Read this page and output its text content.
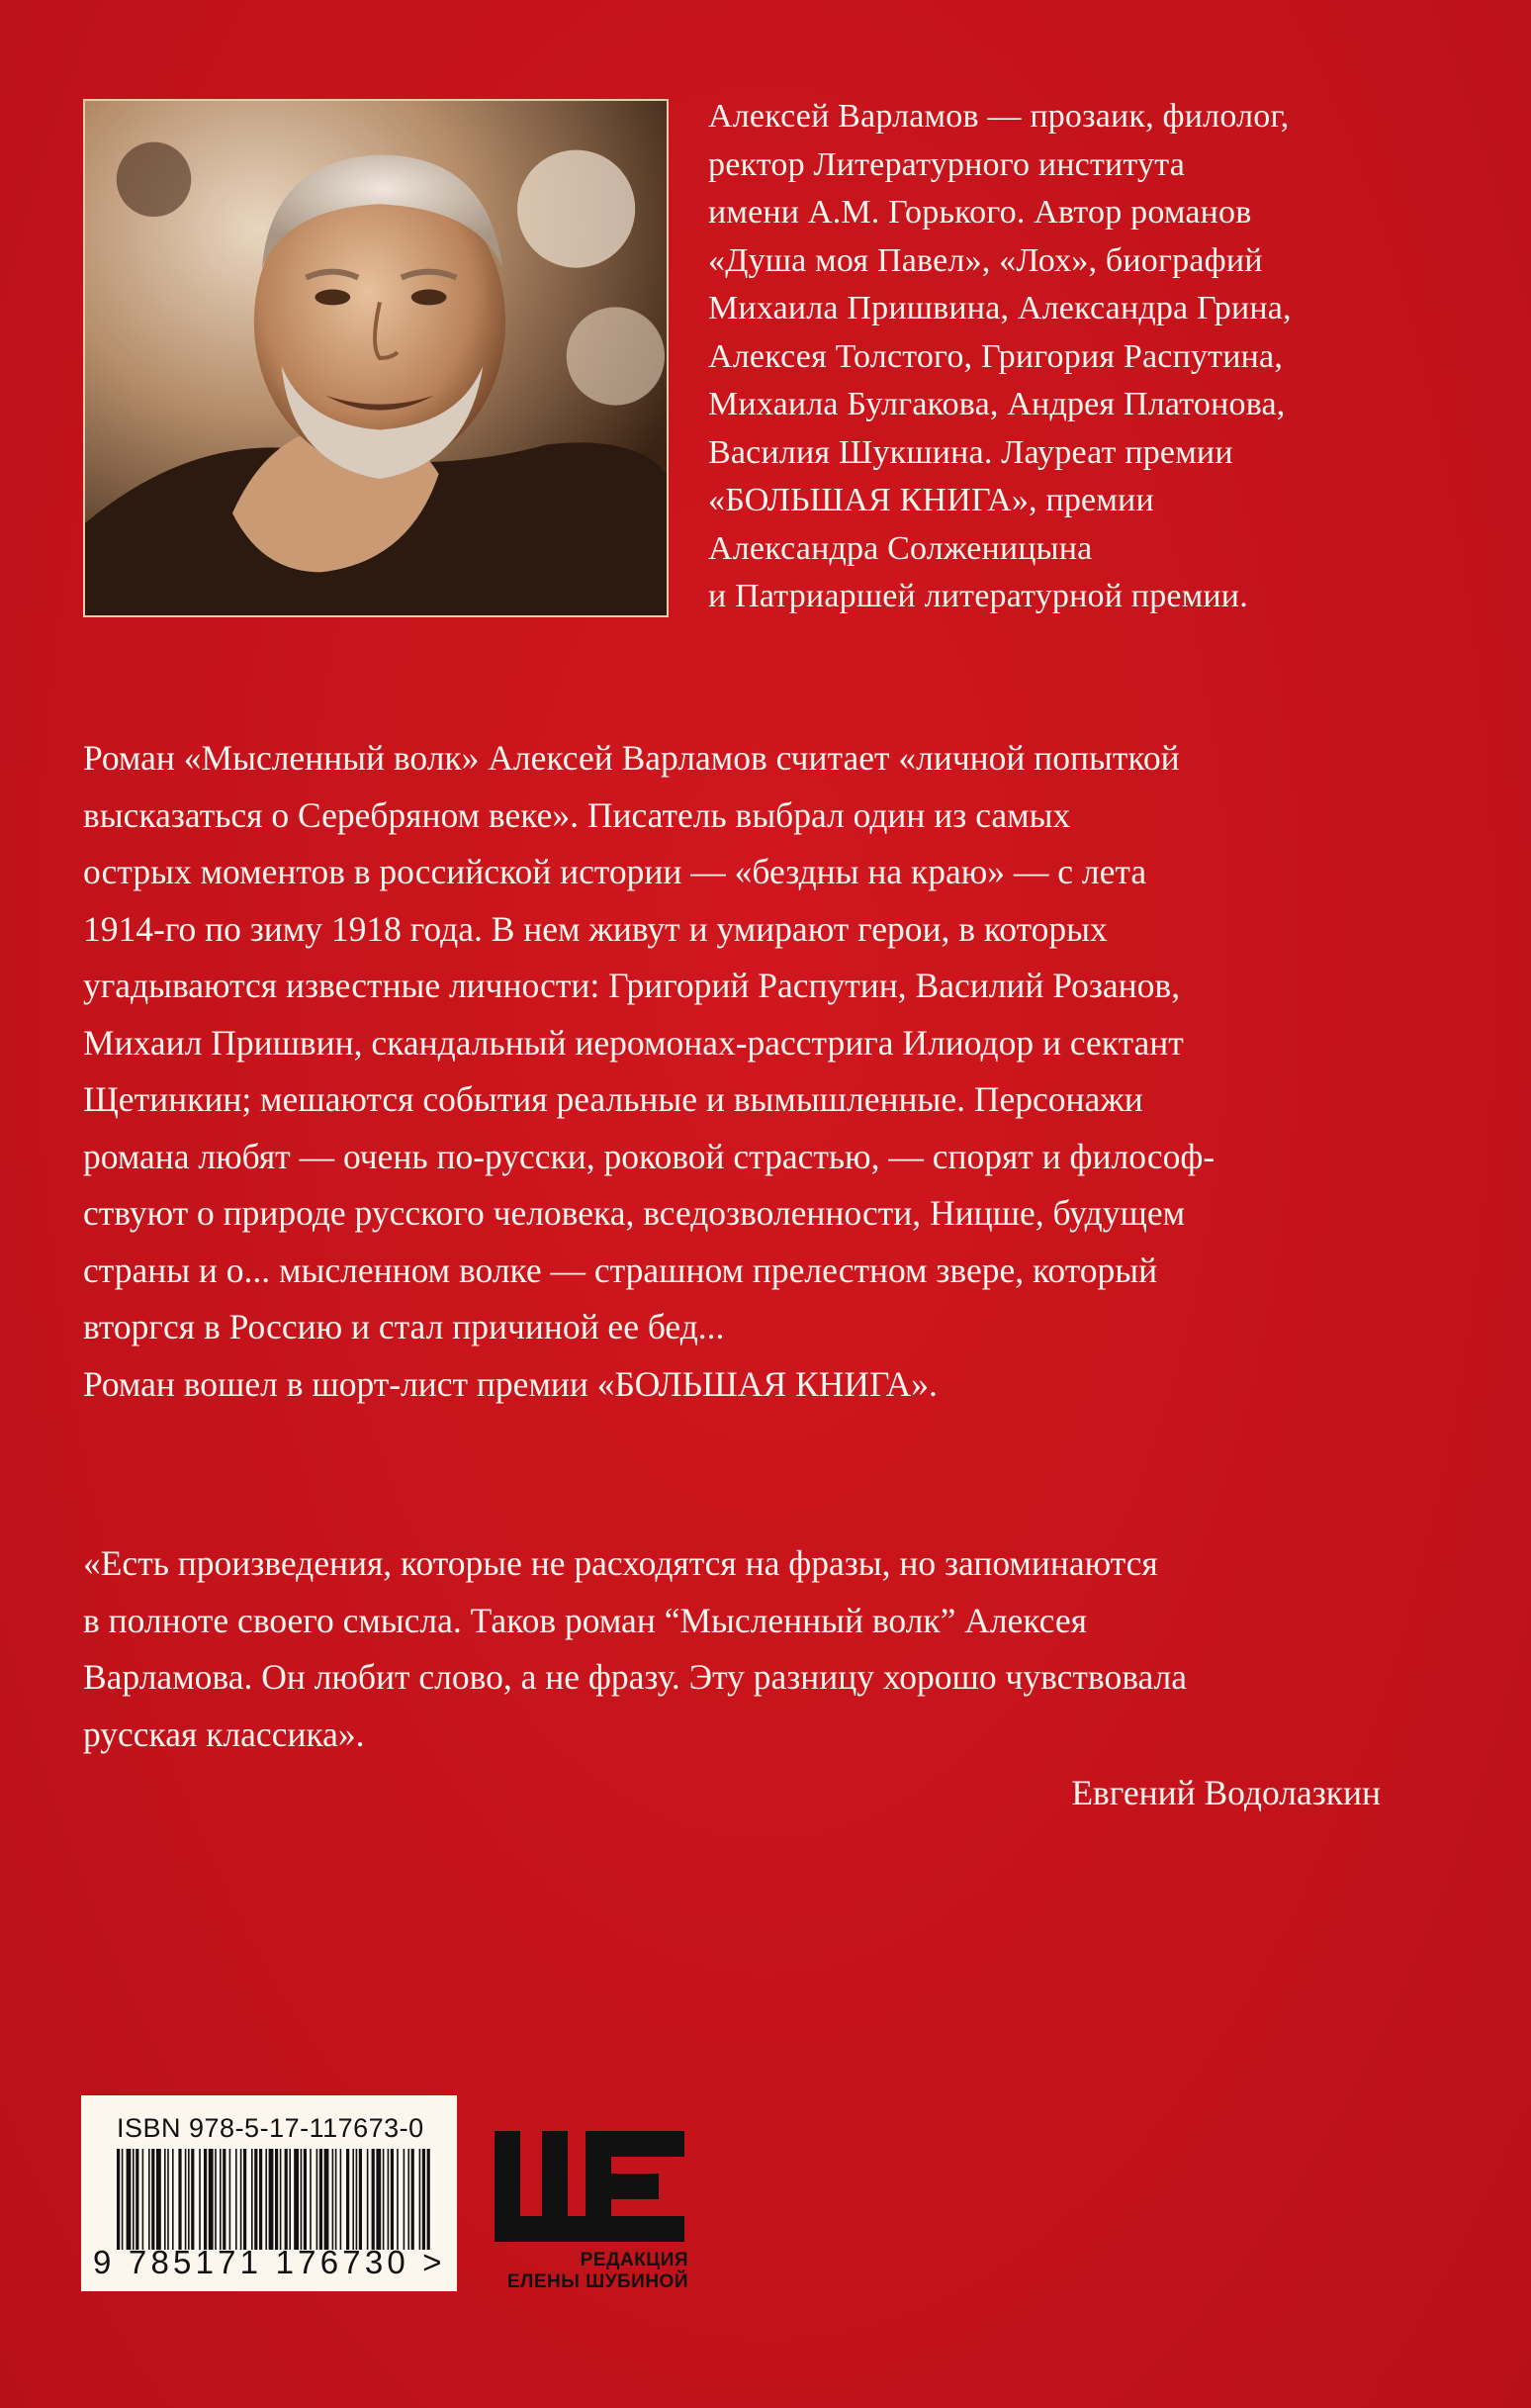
Алексей Варламов — прозаик, филолог,
ректор Литературного института
имени А.М. Горького. Автор романов
«Душа моя Павел», «Лох», биографий
Михаила Пришвина, Александра Грина,
Алексея Толстого, Григория Распутина,
Михаила Булгакова, Андрея Платонова,
Василия Шукшина. Лауреат премии
«БОЛЬШАЯ КНИГА», премии
Александра Солженицына
и Патриаршей литературной премии.
Роман «Мысленный волк» Алексей Варламов считает «личной попыткой
высказаться о Серебряном веке». Писатель выбрал один из самых
острых моментов в российской истории — «бездны на краю» — с лета
1914-го по зиму 1918 года. В нем живут и умирают герои, в которых
угадываются известные личности: Григорий Распутин, Василий Розанов,
Михаил Пришвин, скандальный иеромонах-расстрига Илиодор и сектант
Щетинкин; мешаются события реальные и вымышленные. Персонажи
романа любят — очень по-русски, роковой страстью, — спорят и философ-
ствуют о природе русского человека, вседозволенности, Ницше, будущем
страны и о... мысленном волке — страшном прелестном звере, который
вторгся в Россию и стал причиной ее бед...
Роман вошел в шорт-лист премии «БОЛЬШАЯ КНИГА».
«Есть произведения, которые не расходятся на фразы, но запоминаются
в полноте своего смысла. Таков роман “Мысленный волк” Алексея
Варламова. Он любит слово, а не фразу. Эту разницу хорошо чувствовала
русская классика».
Евгений Водолазкин
ISBN 978-5-17-117673-0
9 785171 176730 >	РЕДАКЦИЯ
ЕЛЕНЫ ШУБИНОЙ
